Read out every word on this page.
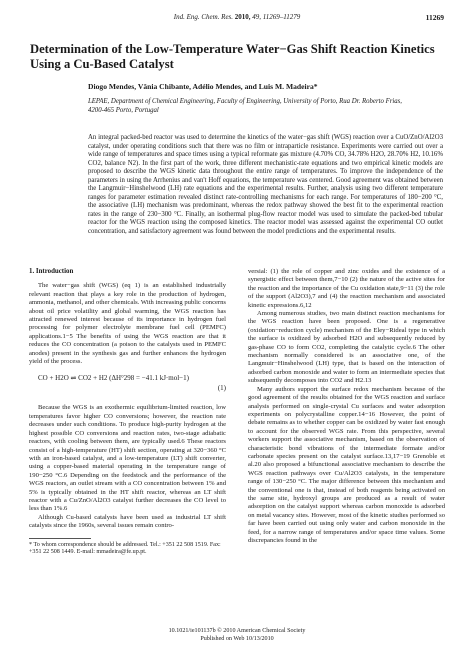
Ind. Eng. Chem. Res. 2010, 49, 11269–11279	11269
Determination of the Low-Temperature Water−Gas Shift Reaction Kinetics Using a Cu-Based Catalyst
Diogo Mendes, Vânia Chibante, Adélio Mendes, and Luis M. Madeira*
LEPAE, Department of Chemical Engineering, Faculty of Engineering, University of Porto, Rua Dr. Roberto Frias, 4200-465 Porto, Portugal
An integral packed-bed reactor was used to determine the kinetics of the water−gas shift (WGS) reaction over a CuO/ZnO/Al2O3 catalyst, under operating conditions such that there was no film or intraparticle resistance. Experiments were carried out over a wide range of temperatures and space times using a typical reformate gas mixture (4.70% CO, 34.78% H2O, 28.70% H2, 10.16% CO2, balance N2). In the first part of the work, three different mechanistic-rate equations and two empirical kinetic models are proposed to describe the WGS kinetic data throughout the entire range of temperatures. To improve the independence of the parameters in using the Arrhenius and van't Hoff equations, the temperature was centered. Good agreement was obtained between the Langmuir−Hinshelwood (LH) rate equations and the experimental results. Further, analysis using two different temperature ranges for parameter estimation revealed distinct rate-controlling mechanisms for each range. For temperatures of 180−200 °C, the associative (LH) mechanism was predominant, whereas the redox pathway showed the best fit to the experimental reaction rates in the range of 230−300 °C. Finally, an isothermal plug-flow reactor model was used to simulate the packed-bed tubular reactor for the WGS reaction using the composed kinetics. The reactor model was assessed against the experimental CO outlet concentration, and satisfactory agreement was found between the model predictions and the experimental results.
1. Introduction

The water−gas shift (WGS) (eq 1) is an established industrially relevant reaction that plays a key role in the production of hydrogen, ammonia, methanol, and other chemicals. With increasing public concerns about oil price volatility and global warming, the WGS reaction has attracted renewed interest because of its importance in hydrogen fuel processing for polymer electrolyte membrane fuel cell (PEMFC) applications.1−5 The benefits of using the WGS reaction are that it reduces the CO concentration (a poison to the catalysts used in PEMFC anodes) present in the synthesis gas and further enhances the hydrogen yield of the process.

CO + H2O ⇌ CO2 + H2 (ΔH°298 = −41.1 kJ·mol−1)
(1)

Because the WGS is an exothermic equilibrium-limited reaction, low temperatures favor higher CO conversions; however, the reaction rate decreases under such conditions. To produce high-purity hydrogen at the highest possible CO conversions and reaction rates, two-stage adiabatic reactors, with cooling between them, are typically used.6 These reactors consist of a high-temperature (HT) shift section, operating at 320−360 °C with an iron-based catalyst, and a low-temperature (LT) shift converter, using a copper-based material operating in the temperature range of 190−250 °C.6 Depending on the feedstock and the performance of the WGS reactors, an outlet stream with a CO concentration between 1% and 5% is typically obtained in the HT shift reactor, whereas an LT shift reactor with a Cu/ZnO/Al2O3 catalyst further decreases the CO level to less than 1%.6

Although Cu-based catalysts have been used as industrial LT shift catalysts since the 1960s, several issues remain contro-

* To whom correspondence should be addressed. Tel.: +351 22 508 1519. Fax: +351 22 508 1449. E-mail: mmadeira@fe.up.pt.

versial: (1) the role of copper and zinc oxides and the existence of a synergistic effect between them,7−10 (2) the nature of the active sites for the reaction and the importance of the Cu oxidation state,9−11 (3) the role of the support (Al2O3),7 and (4) the reaction mechanism and associated kinetic expressions.6,12

Among numerous studies, two main distinct reaction mechanisms for the WGS reaction have been proposed. One is a regenerative (oxidation−reduction cycle) mechanism of the Eley−Rideal type in which the surface is oxidized by adsorbed H2O and subsequently reduced by gas-phase CO to form CO2, completing the catalytic cycle.6 The other mechanism normally considered is an associative one, of the Langmuir−Hinshelwood (LH) type, that is based on the interaction of adsorbed carbon monoxide and water to form an intermediate species that subsequently decomposes into CO2 and H2.13

Many authors support the surface redox mechanism because of the good agreement of the results obtained for the WGS reaction and surface analysis performed on single-crystal Cu surfaces and water adsorption experiments on polycrystalline copper.14−16 However, the point of debate remains as to whether copper can be oxidized by water fast enough to account for the observed WGS rate. From this perspective, several workers support the associative mechanism, based on the observation of characteristic bond vibrations of the intermediate formate and/or carbonate species present on the catalyst surface.13,17−19 Grenoble et al.20 also proposed a bifunctional associative mechanism to describe the WGS reaction pathways over Cu/Al2O3 catalysts, in the temperature range of 130−250 °C. The major difference between this mechanism and the conventional one is that, instead of both reagents being activated on the same site, hydroxyl groups are produced as a result of water adsorption on the catalyst support whereas carbon monoxide is adsorbed on metal vacancy sites. However, most of the kinetic studies performed so far have been carried out using only water and carbon monoxide in the feed, for a narrow range of temperatures and/or space time values. Some discrepancies found in the

10.1021/ie101137b © 2010 American Chemical Society
Published on Web 10/13/2010
